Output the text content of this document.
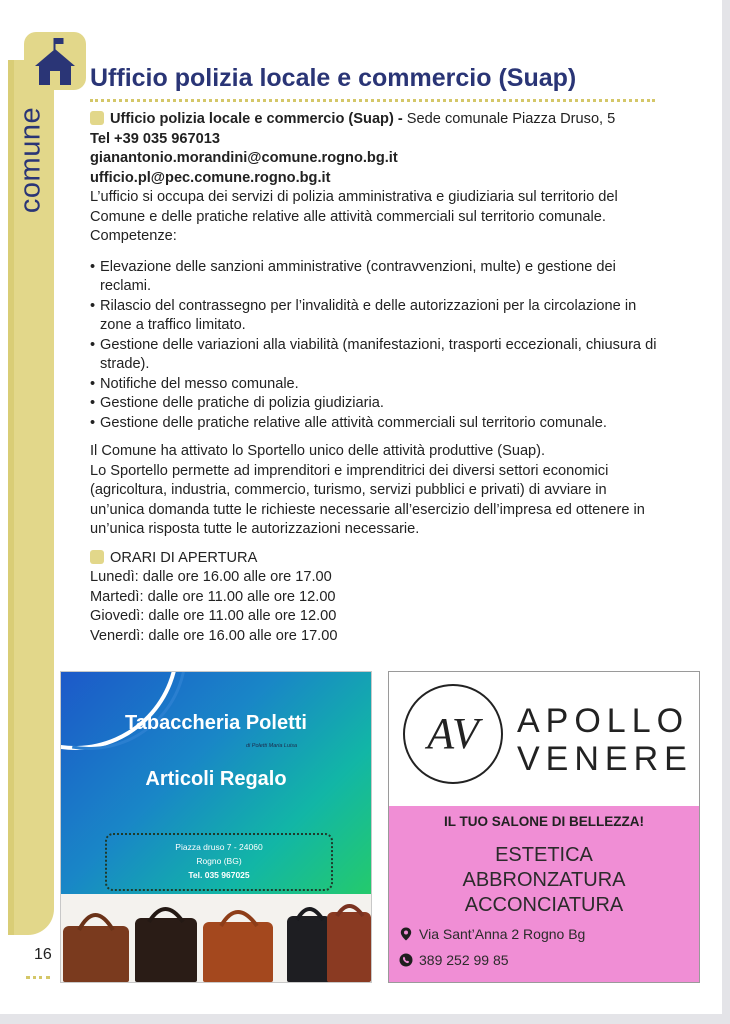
comune
Ufficio polizia locale e commercio (Suap)

Ufficio polizia locale e commercio (Suap) - Sede comunale Piazza Druso, 5

Tel +39 035 967013

gianantonio.morandini@comune.rogno.bg.it

ufficio.pl@pec.comune.rogno.bg.it

L’ufficio si occupa dei servizi di polizia amministrativa e giudiziaria sul territorio del Comune e delle pratiche relative alle attività commerciali sul territorio comunale.

Competenze:

• Elevazione delle sanzioni amministrative (contravvenzioni, multe) e gestione dei reclami.
• Rilascio del contrassegno per l’invalidità e delle autorizzazioni per la circolazione in zone a traffico limitato.
• Gestione delle variazioni alla viabilità (manifestazioni, trasporti eccezionali, chiusura di strade).
• Notifiche del messo comunale.
• Gestione delle pratiche di polizia giudiziaria.
• Gestione delle pratiche relative alle attività commerciali sul territorio comunale.

Il Comune ha attivato lo Sportello unico delle attività produttive (Suap).

Lo Sportello permette ad imprenditori e imprenditrici dei diversi settori economici (agricoltura, industria, commercio, turismo, servizi pubblici e privati) di avviare in un’unica domanda tutte le richieste necessarie all’esercizio dell’impresa ed ottenere in un’unica risposta tutte le autorizzazioni necessarie.

ORARI DI APERTURA

Lunedì: dalle ore 16.00 alle ore 17.00

Martedì: dalle ore 11.00 alle ore 12.00

Giovedì: dalle ore 11.00 alle ore 12.00

Venerdì: dalle ore 16.00 alle ore 17.00

16
Tabaccheria Poletti
di Poletti Maria Luisa
Articoli Regalo
Piazza druso 7 - 24060
Rogno (BG)
Tel. 035 967025
AV	APOLLO
VENERE
IL TUO SALONE DI BELLEZZA!
ESTETICA
ABBRONZATURA
ACCONCIATURA
Via Sant’Anna 2 Rogno Bg
389 252 99 85
